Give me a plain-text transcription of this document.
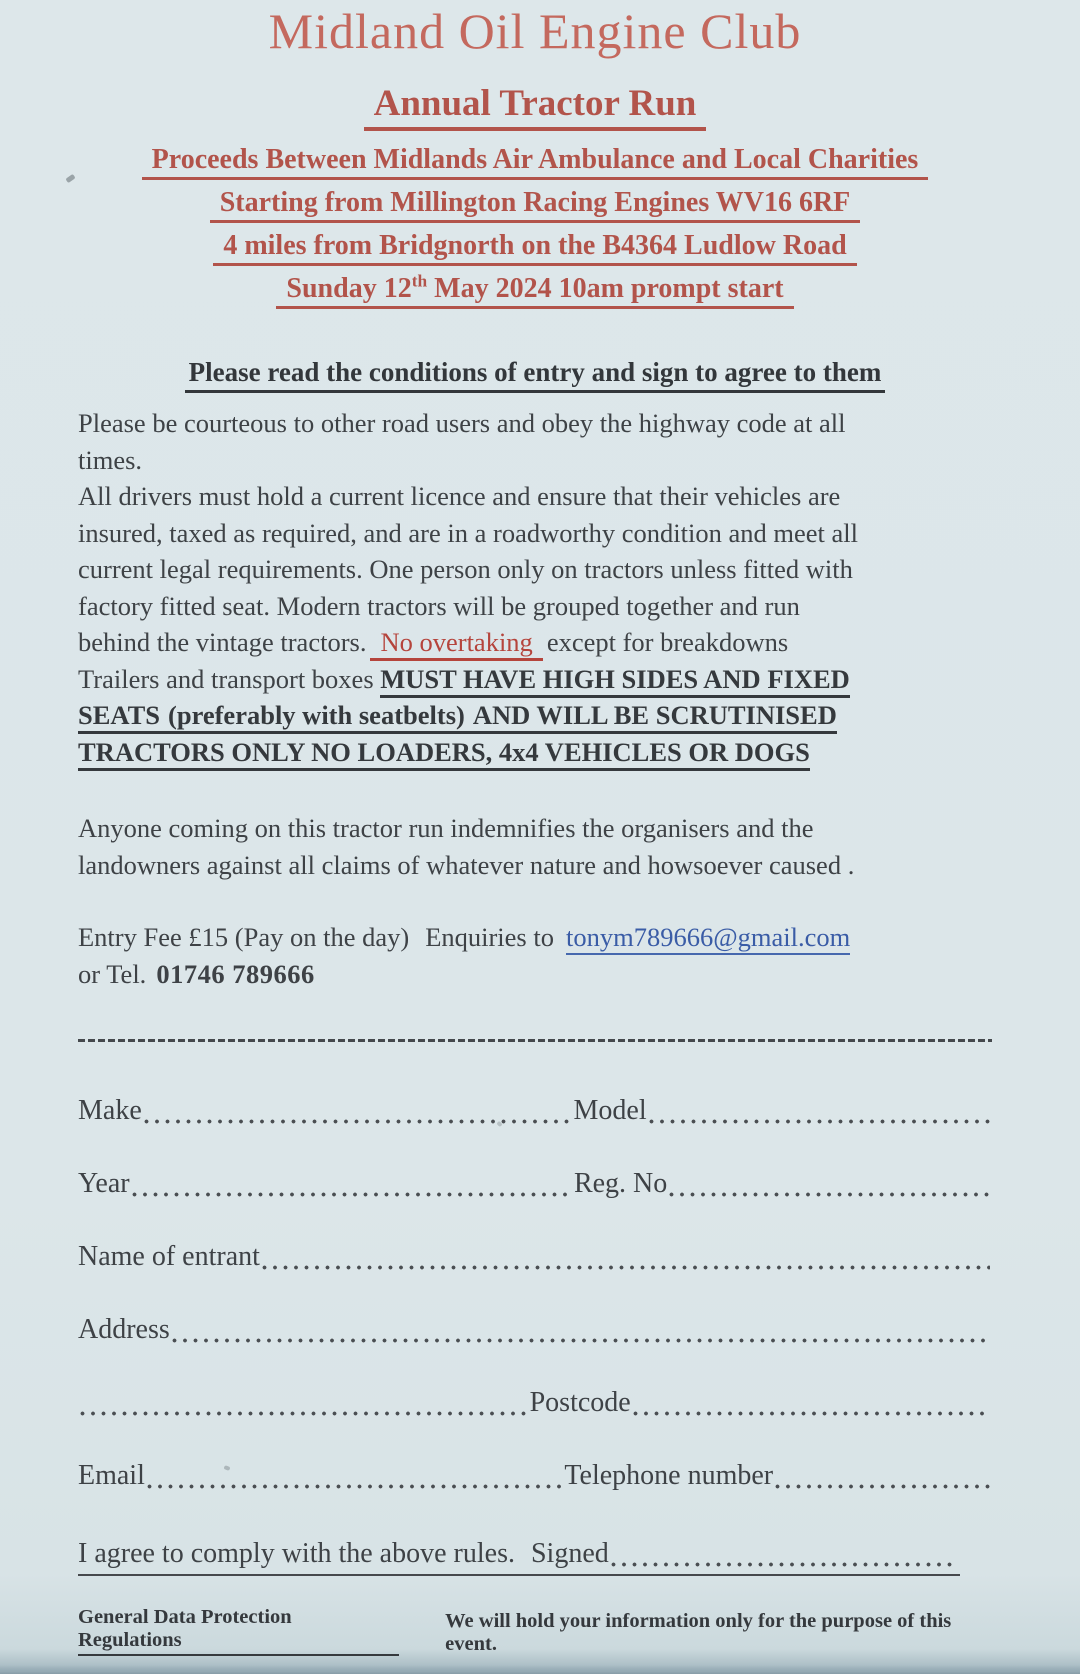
Midland Oil Engine Club
Annual Tractor Run
Proceeds Between Midlands Air Ambulance and Local Charities
Starting from Millington Racing Engines WV16 6RF
4 miles from Bridgnorth on the B4364 Ludlow Road
Sunday 12th May 2024 10am prompt start
Please read the conditions of entry and sign to agree to them
Please be courteous to other road users and obey the highway code at all
times.
All drivers must hold a current licence and ensure that their vehicles are
insured, taxed as required, and are in a roadworthy condition and meet all
current legal requirements. One person only on tractors unless fitted with
factory fitted seat. Modern tractors will be grouped together and run
behind the vintage tractors. No overtaking except for breakdowns
Trailers and transport boxes MUST HAVE HIGH SIDES AND FIXED
SEATS (preferably with seatbelts) AND WILL BE SCRUTINISED
TRACTORS ONLY NO LOADERS, 4x4 VEHICLES OR DOGS
Anyone coming on this tractor run indemnifies the organisers and the
landowners against all claims of whatever nature and howsoever caused .
Entry Fee £15 (Pay on the day) Enquiries to tonym789666@gmail.com
or Tel. 01746 789666
Make	Model
Year	Reg. No
Name of entrant
Address
Postcode
Email	Telephone number
I agree to comply with the above rules. Signed
General Data Protection Regulations
We will hold your information only for the purpose of this event.
